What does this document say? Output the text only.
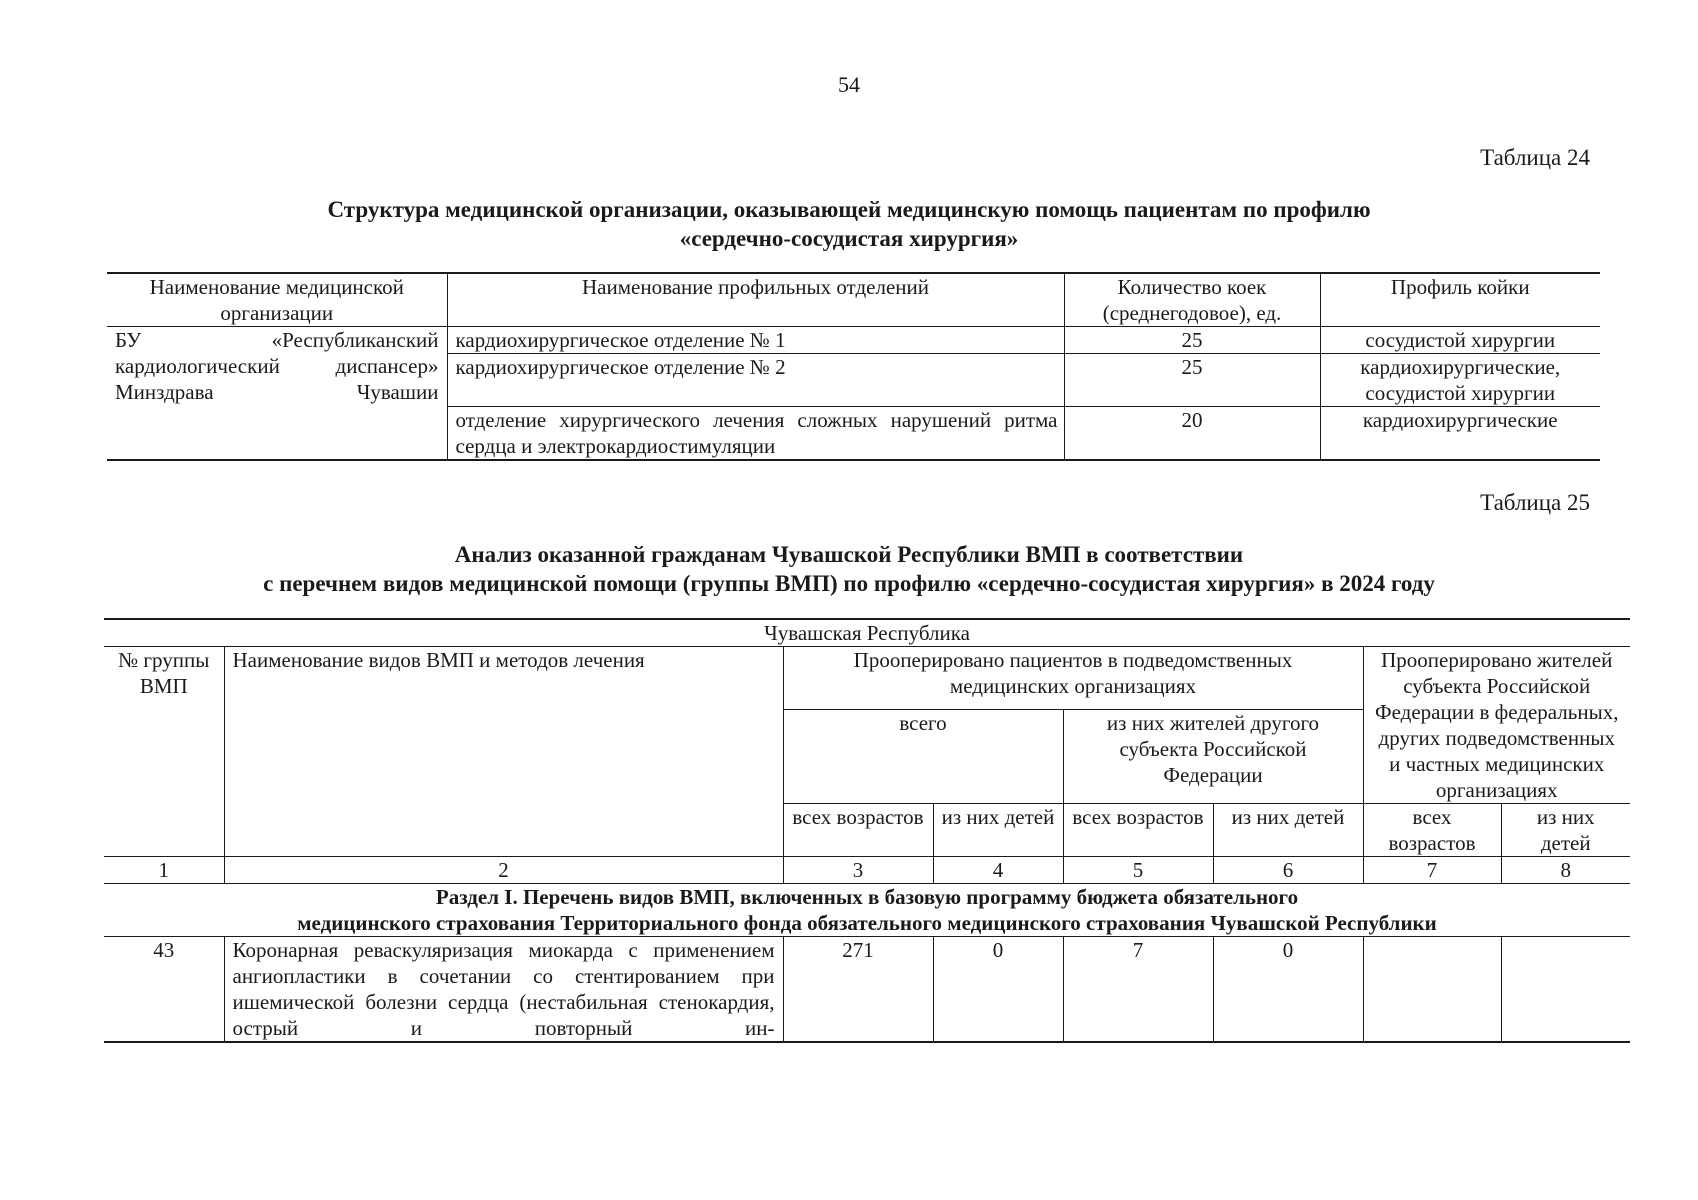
54
Таблица 24
Структура медицинской организации, оказывающей медицинскую помощь пациентам по профилю
«сердечно-сосудистая хирургия»
Наименование медицинской организации	Наименование профильных отделений	Количество коек (среднегодовое), ед.	Профиль койки
БУ «Республиканский кардиологический диспансер» Минздрава Чувашии	кардиохирургическое отделение № 1	25	сосудистой хирургии
	кардиохирургическое отделение № 2	25	кардиохирургические, сосудистой хирургии
	отделение хирургического лечения сложных нарушений ритма сердца и электрокардиостимуляции	20	кардиохирургические
Таблица 25
Анализ оказанной гражданам Чувашской Республики ВМП в соответствии
с перечнем видов медицинской помощи (группы ВМП) по профилю «сердечно-сосудистая хирургия» в 2024 году
Чувашская Республика							
№ группы ВМП	Наименование видов ВМП и методов лечения	Прооперировано пациентов в подведомственных медицинских организациях				Прооперировано жителей субъекта Российской Федерации в федеральных, других подведомственных и частных медицинских организациях	
		всего		из них жителей другого субъекта Российской Федерации			
		всех возрастов	из них детей	всех возрастов	из них детей	всех возрастов	из них детей
1	2	3	4	5	6	7	8

Раздел I. Перечень видов ВМП, включенных в базовую программу бюджета обязательного
медицинского страхования Территориального фонда обязательного медицинского страхования Чувашской Республики							

43	Коронарная реваскуляризация миокарда с применением ангиопластики в сочетании со стентированием при ишемической болезни сердца (нестабильная стенокардия, острый и повторный ин-	271	0	7	0		
